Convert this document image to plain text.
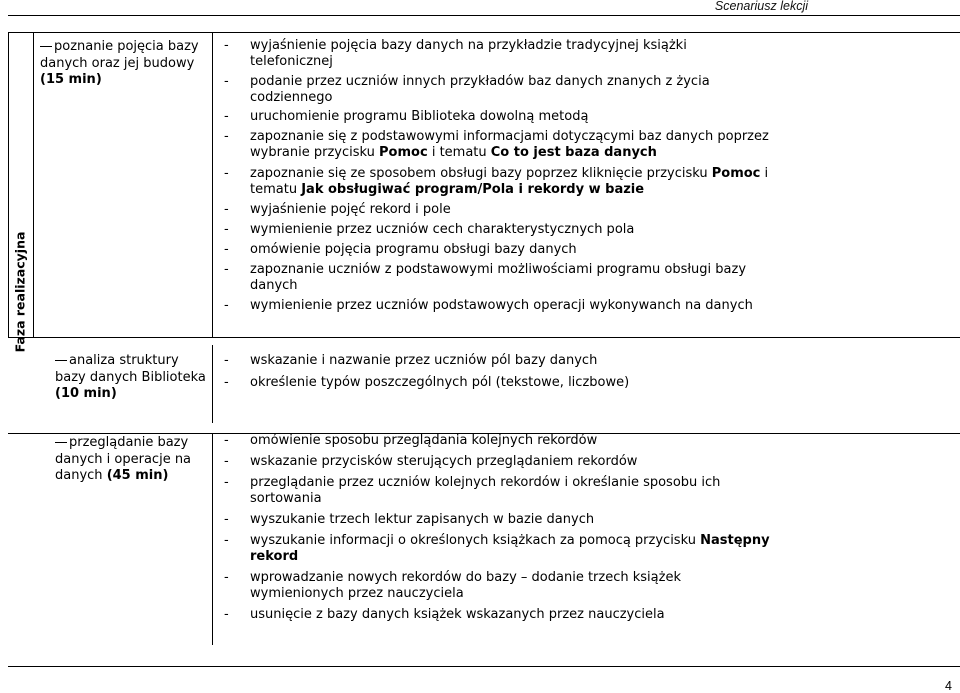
Scenariusz lekcji
Faza realizacyjna
poznanie pojęcia bazy danych oraz jej budowy (15 min)
- wyjaśnienie pojęcia bazy danych na przykładzie tradycyjnej książki telefonicznej
- podanie przez uczniów innych przykładów baz danych znanych z życia codziennego
- uruchomienie programu Biblioteka dowolną metodą
- zapoznanie się z podstawowymi informacjami dotyczącymi baz danych poprzez wybranie przycisku Pomoc i tematu Co to jest baza danych
- zapoznanie się ze sposobem obsługi bazy poprzez kliknięcie przycisku Pomoc i tematu Jak obsługiwać program/Pola i rekordy w bazie
- wyjaśnienie pojęć rekord i pole
- wymienienie przez uczniów cech charakterystycznych pola
- omówienie pojęcia programu obsługi bazy danych
- zapoznanie uczniów z podstawowymi możliwościami programu obsługi bazy danych
- wymienienie przez uczniów podstawowych operacji wykonywanch na danych
analiza struktury bazy danych Biblioteka (10 min)
- wskazanie i nazwanie przez uczniów pól bazy danych
- określenie typów poszczególnych pól (tekstowe, liczbowe)
przeglądanie bazy danych i operacje na danych (45 min)
- omówienie sposobu przeglądania kolejnych rekordów
- wskazanie przycisków sterujących przeglądaniem rekordów
- przeglądanie przez uczniów kolejnych rekordów i określanie sposobu ich sortowania
- wyszukanie trzech lektur zapisanych w bazie danych
- wyszukanie informacji o określonych książkach za pomocą przycisku Następny rekord
- wprowadzanie nowych rekordów do bazy – dodanie trzech książek wymienionych przez nauczyciela
- usunięcie z bazy danych książek wskazanych przez nauczyciela
4
